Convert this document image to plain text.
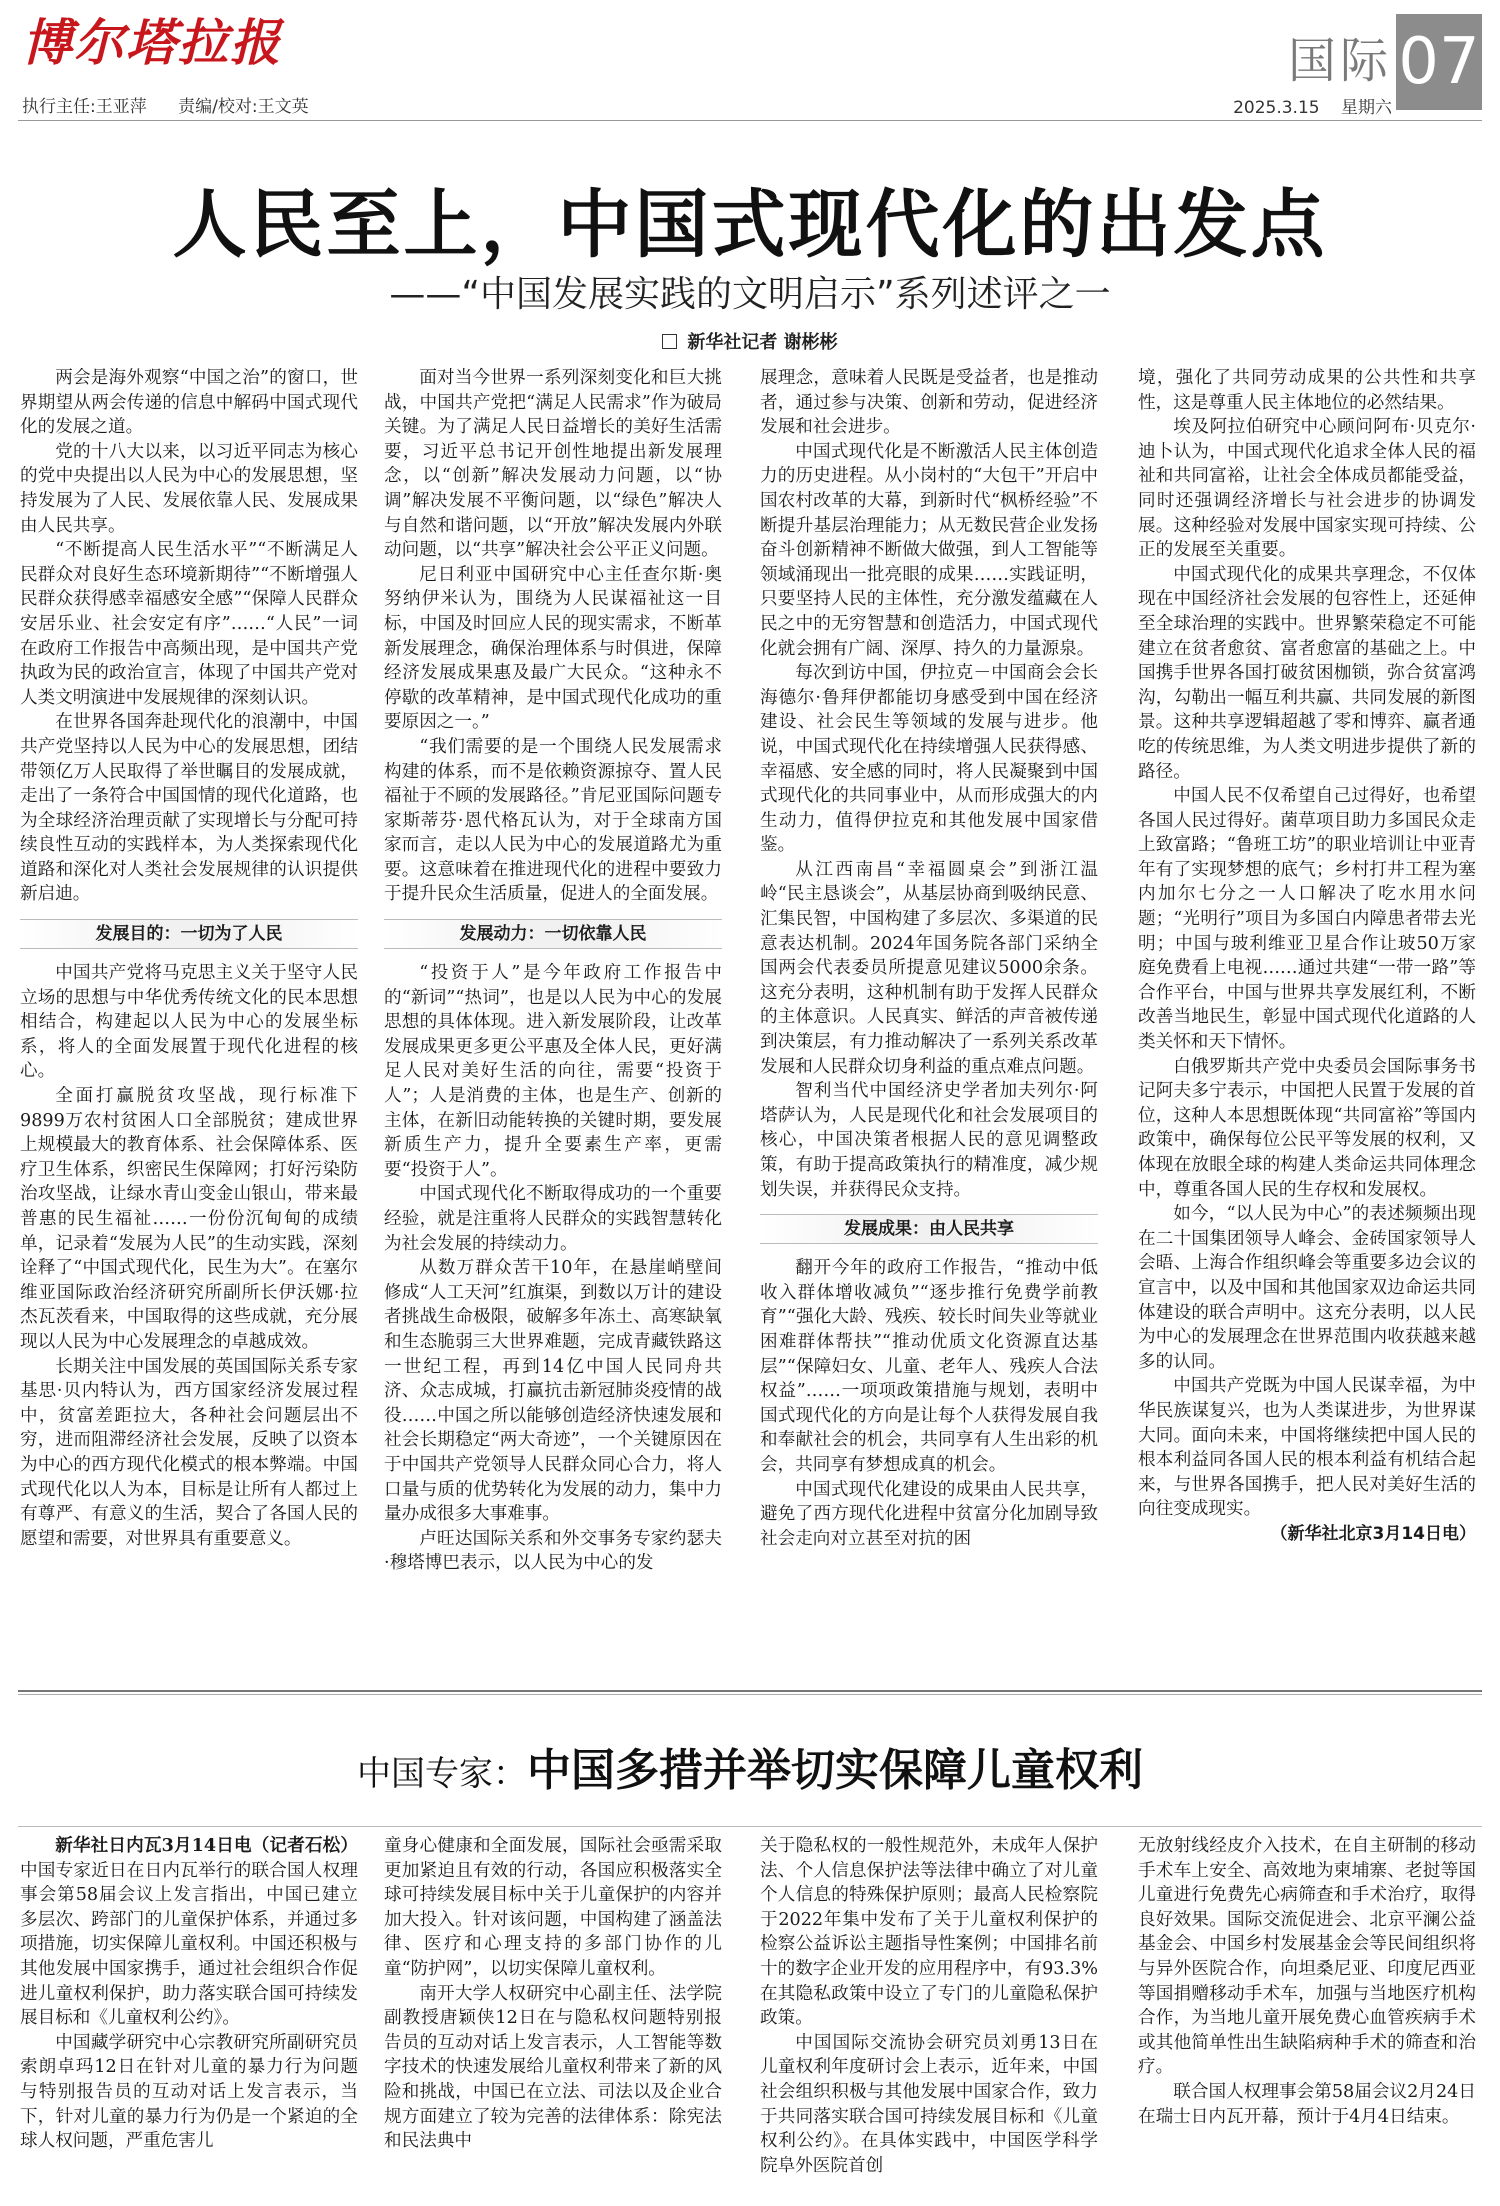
博尔塔拉报
执行主任:王亚萍 责编/校对:王文英
国际 07
2025.3.15 星期六
人民至上，中国式现代化的出发点
——“中国发展实践的文明启示”系列述评之一
新华社记者 谢彬彬

两会是海外观察“中国之治”的窗口，世界期望从两会传递的信息中解码中国式现代化的发展之道。

党的十八大以来，以习近平同志为核心的党中央提出以人民为中心的发展思想，坚持发展为了人民、发展依靠人民、发展成果由人民共享。

“不断提高人民生活水平”“不断满足人民群众对良好生态环境新期待”“不断增强人民群众获得感幸福感安全感”“保障人民群众安居乐业、社会安定有序”……“人民”一词在政府工作报告中高频出现，是中国共产党执政为民的政治宣言，体现了中国共产党对人类文明演进中发展规律的深刻认识。

在世界各国奔赴现代化的浪潮中，中国共产党坚持以人民为中心的发展思想，团结带领亿万人民取得了举世瞩目的发展成就，走出了一条符合中国国情的现代化道路，也为全球经济治理贡献了实现增长与分配可持续良性互动的实践样本，为人类探索现代化道路和深化对人类社会发展规律的认识提供新启迪。

发展目的：一切为了人民

中国共产党将马克思主义关于坚守人民立场的思想与中华优秀传统文化的民本思想相结合，构建起以人民为中心的发展坐标系，将人的全面发展置于现代化进程的核心。

全面打赢脱贫攻坚战，现行标准下9899万农村贫困人口全部脱贫；建成世界上规模最大的教育体系、社会保障体系、医疗卫生体系，织密民生保障网；打好污染防治攻坚战，让绿水青山变金山银山，带来最普惠的民生福祉……一份份沉甸甸的成绩单，记录着“发展为人民”的生动实践，深刻诠释了“中国式现代化，民生为大”。在塞尔维亚国际政治经济研究所副所长伊沃娜·拉杰瓦茨看来，中国取得的这些成就，充分展现以人民为中心发展理念的卓越成效。

长期关注中国发展的英国国际关系专家基思·贝内特认为，西方国家经济发展过程中，贫富差距拉大，各种社会问题层出不穷，进而阻滞经济社会发展，反映了以资本为中心的西方现代化模式的根本弊端。中国式现代化以人为本，目标是让所有人都过上有尊严、有意义的生活，契合了各国人民的愿望和需要，对世界具有重要意义。

面对当今世界一系列深刻变化和巨大挑战，中国共产党把“满足人民需求”作为破局关键。为了满足人民日益增长的美好生活需要，习近平总书记开创性地提出新发展理念，以“创新”解决发展动力问题，以“协调”解决发展不平衡问题，以“绿色”解决人与自然和谐问题，以“开放”解决发展内外联动问题，以“共享”解决社会公平正义问题。

尼日利亚中国研究中心主任查尔斯·奥努纳伊米认为，围绕为人民谋福祉这一目标，中国及时回应人民的现实需求，不断革新发展理念，确保治理体系与时俱进，保障经济发展成果惠及最广大民众。“这种永不停歇的改革精神，是中国式现代化成功的重要原因之一。”

“我们需要的是一个围绕人民发展需求构建的体系，而不是依赖资源掠夺、置人民福祉于不顾的发展路径。”肯尼亚国际问题专家斯蒂芬·恩代格瓦认为，对于全球南方国家而言，走以人民为中心的发展道路尤为重要。这意味着在推进现代化的进程中要致力于提升民众生活质量，促进人的全面发展。

发展动力：一切依靠人民

“投资于人”是今年政府工作报告中的“新词”“热词”，也是以人民为中心的发展思想的具体体现。进入新发展阶段，让改革发展成果更多更公平惠及全体人民，更好满足人民对美好生活的向往，需要“投资于人”；人是消费的主体，也是生产、创新的主体，在新旧动能转换的关键时期，要发展新质生产力，提升全要素生产率，更需要“投资于人”。

中国式现代化不断取得成功的一个重要经验，就是注重将人民群众的实践智慧转化为社会发展的持续动力。

从数万群众苦干10年，在悬崖峭壁间修成“人工天河”红旗渠，到数以万计的建设者挑战生命极限，破解多年冻土、高寒缺氧和生态脆弱三大世界难题，完成青藏铁路这一世纪工程，再到14亿中国人民同舟共济、众志成城，打赢抗击新冠肺炎疫情的战役……中国之所以能够创造经济快速发展和社会长期稳定“两大奇迹”，一个关键原因在于中国共产党领导人民群众同心合力，将人口量与质的优势转化为发展的动力，集中力量办成很多大事难事。

卢旺达国际关系和外交事务专家约瑟夫·穆塔博巴表示，以人民为中心的发

展理念，意味着人民既是受益者，也是推动者，通过参与决策、创新和劳动，促进经济发展和社会进步。

中国式现代化是不断激活人民主体创造力的历史进程。从小岗村的“大包干”开启中国农村改革的大幕，到新时代“枫桥经验”不断提升基层治理能力；从无数民营企业发扬奋斗创新精神不断做大做强，到人工智能等领域涌现出一批亮眼的成果……实践证明，只要坚持人民的主体性，充分激发蕴藏在人民之中的无穷智慧和创造活力，中国式现代化就会拥有广阔、深厚、持久的力量源泉。

每次到访中国，伊拉克－中国商会会长海德尔·鲁拜伊都能切身感受到中国在经济建设、社会民生等领域的发展与进步。他说，中国式现代化在持续增强人民获得感、幸福感、安全感的同时，将人民凝聚到中国式现代化的共同事业中，从而形成强大的内生动力，值得伊拉克和其他发展中国家借鉴。

从江西南昌“幸福圆桌会”到浙江温岭“民主恳谈会”，从基层协商到吸纳民意、汇集民智，中国构建了多层次、多渠道的民意表达机制。2024年国务院各部门采纳全国两会代表委员所提意见建议5000余条。这充分表明，这种机制有助于发挥人民群众的主体意识。人民真实、鲜活的声音被传递到决策层，有力推动解决了一系列关系改革发展和人民群众切身利益的重点难点问题。

智利当代中国经济史学者加夫列尔·阿塔萨认为，人民是现代化和社会发展项目的核心，中国决策者根据人民的意见调整政策，有助于提高政策执行的精准度，减少规划失误，并获得民众支持。

发展成果：由人民共享

翻开今年的政府工作报告，“推动中低收入群体增收减负”“逐步推行免费学前教育”“强化大龄、残疾、较长时间失业等就业困难群体帮扶”“推动优质文化资源直达基层”“保障妇女、儿童、老年人、残疾人合法权益”……一项项政策措施与规划，表明中国式现代化的方向是让每个人获得发展自我和奉献社会的机会，共同享有人生出彩的机会，共同享有梦想成真的机会。

中国式现代化建设的成果由人民共享，避免了西方现代化进程中贫富分化加剧导致社会走向对立甚至对抗的困

境，强化了共同劳动成果的公共性和共享性，这是尊重人民主体地位的必然结果。

埃及阿拉伯研究中心顾问阿布·贝克尔·迪卜认为，中国式现代化追求全体人民的福祉和共同富裕，让社会全体成员都能受益，同时还强调经济增长与社会进步的协调发展。这种经验对发展中国家实现可持续、公正的发展至关重要。

中国式现代化的成果共享理念，不仅体现在中国经济社会发展的包容性上，还延伸至全球治理的实践中。世界繁荣稳定不可能建立在贫者愈贫、富者愈富的基础之上。中国携手世界各国打破贫困枷锁，弥合贫富鸿沟，勾勒出一幅互利共赢、共同发展的新图景。这种共享逻辑超越了零和博弈、赢者通吃的传统思维，为人类文明进步提供了新的路径。

中国人民不仅希望自己过得好，也希望各国人民过得好。菌草项目助力多国民众走上致富路；“鲁班工坊”的职业培训让中亚青年有了实现梦想的底气；乡村打井工程为塞内加尔七分之一人口解决了吃水用水问题；“光明行”项目为多国白内障患者带去光明；中国与玻利维亚卫星合作让玻50万家庭免费看上电视……通过共建“一带一路”等合作平台，中国与世界共享发展红利，不断改善当地民生，彰显中国式现代化道路的人类关怀和天下情怀。

白俄罗斯共产党中央委员会国际事务书记阿夫多宁表示，中国把人民置于发展的首位，这种人本思想既体现“共同富裕”等国内政策中，确保每位公民平等发展的权利，又体现在放眼全球的构建人类命运共同体理念中，尊重各国人民的生存权和发展权。

如今，“以人民为中心”的表述频频出现在二十国集团领导人峰会、金砖国家领导人会晤、上海合作组织峰会等重要多边会议的宣言中，以及中国和其他国家双边命运共同体建设的联合声明中。这充分表明，以人民为中心的发展理念在世界范围内收获越来越多的认同。

中国共产党既为中国人民谋幸福，为中华民族谋复兴，也为人类谋进步，为世界谋大同。面向未来，中国将继续把中国人民的根本利益同各国人民的根本利益有机结合起来，与世界各国携手，把人民对美好生活的向往变成现实。

（新华社北京3月14日电）

中国专家：中国多措并举切实保障儿童权利

新华社日内瓦3月14日电（记者石松）中国专家近日在日内瓦举行的联合国人权理事会第58届会议上发言指出，中国已建立多层次、跨部门的儿童保护体系，并通过多项措施，切实保障儿童权利。中国还积极与其他发展中国家携手，通过社会组织合作促进儿童权利保护，助力落实联合国可持续发展目标和《儿童权利公约》。

中国藏学研究中心宗教研究所副研究员索朗卓玛12日在针对儿童的暴力行为问题与特别报告员的互动对话上发言表示，当下，针对儿童的暴力行为仍是一个紧迫的全球人权问题，严重危害儿

童身心健康和全面发展，国际社会亟需采取更加紧迫且有效的行动，各国应积极落实全球可持续发展目标中关于儿童保护的内容并加大投入。针对该问题，中国构建了涵盖法律、医疗和心理支持的多部门协作的儿童“防护网”，以切实保障儿童权利。

南开大学人权研究中心副主任、法学院副教授唐颖侠12日在与隐私权问题特别报告员的互动对话上发言表示，人工智能等数字技术的快速发展给儿童权利带来了新的风险和挑战，中国已在立法、司法以及企业合规方面建立了较为完善的法律体系：除宪法和民法典中

关于隐私权的一般性规范外，未成年人保护法、个人信息保护法等法律中确立了对儿童个人信息的特殊保护原则；最高人民检察院于2022年集中发布了关于儿童权利保护的检察公益诉讼主题指导性案例；中国排名前十的数字企业开发的应用程序中，有93.3%在其隐私政策中设立了专门的儿童隐私保护政策。

中国国际交流协会研究员刘勇13日在儿童权利年度研讨会上表示，近年来，中国社会组织积极与其他发展中国家合作，致力于共同落实联合国可持续发展目标和《儿童权利公约》。在具体实践中，中国医学科学院阜外医院首创

无放射线经皮介入技术，在自主研制的移动手术车上安全、高效地为柬埔寨、老挝等国儿童进行免费先心病筛查和手术治疗，取得良好效果。国际交流促进会、北京平澜公益基金会、中国乡村发展基金会等民间组织将与异外医院合作，向坦桑尼亚、印度尼西亚等国捐赠移动手术车，加强与当地医疗机构合作，为当地儿童开展免费心血管疾病手术或其他简单性出生缺陷病种手术的筛查和治疗。

联合国人权理事会第58届会议2月24日在瑞士日内瓦开幕，预计于4月4日结束。
